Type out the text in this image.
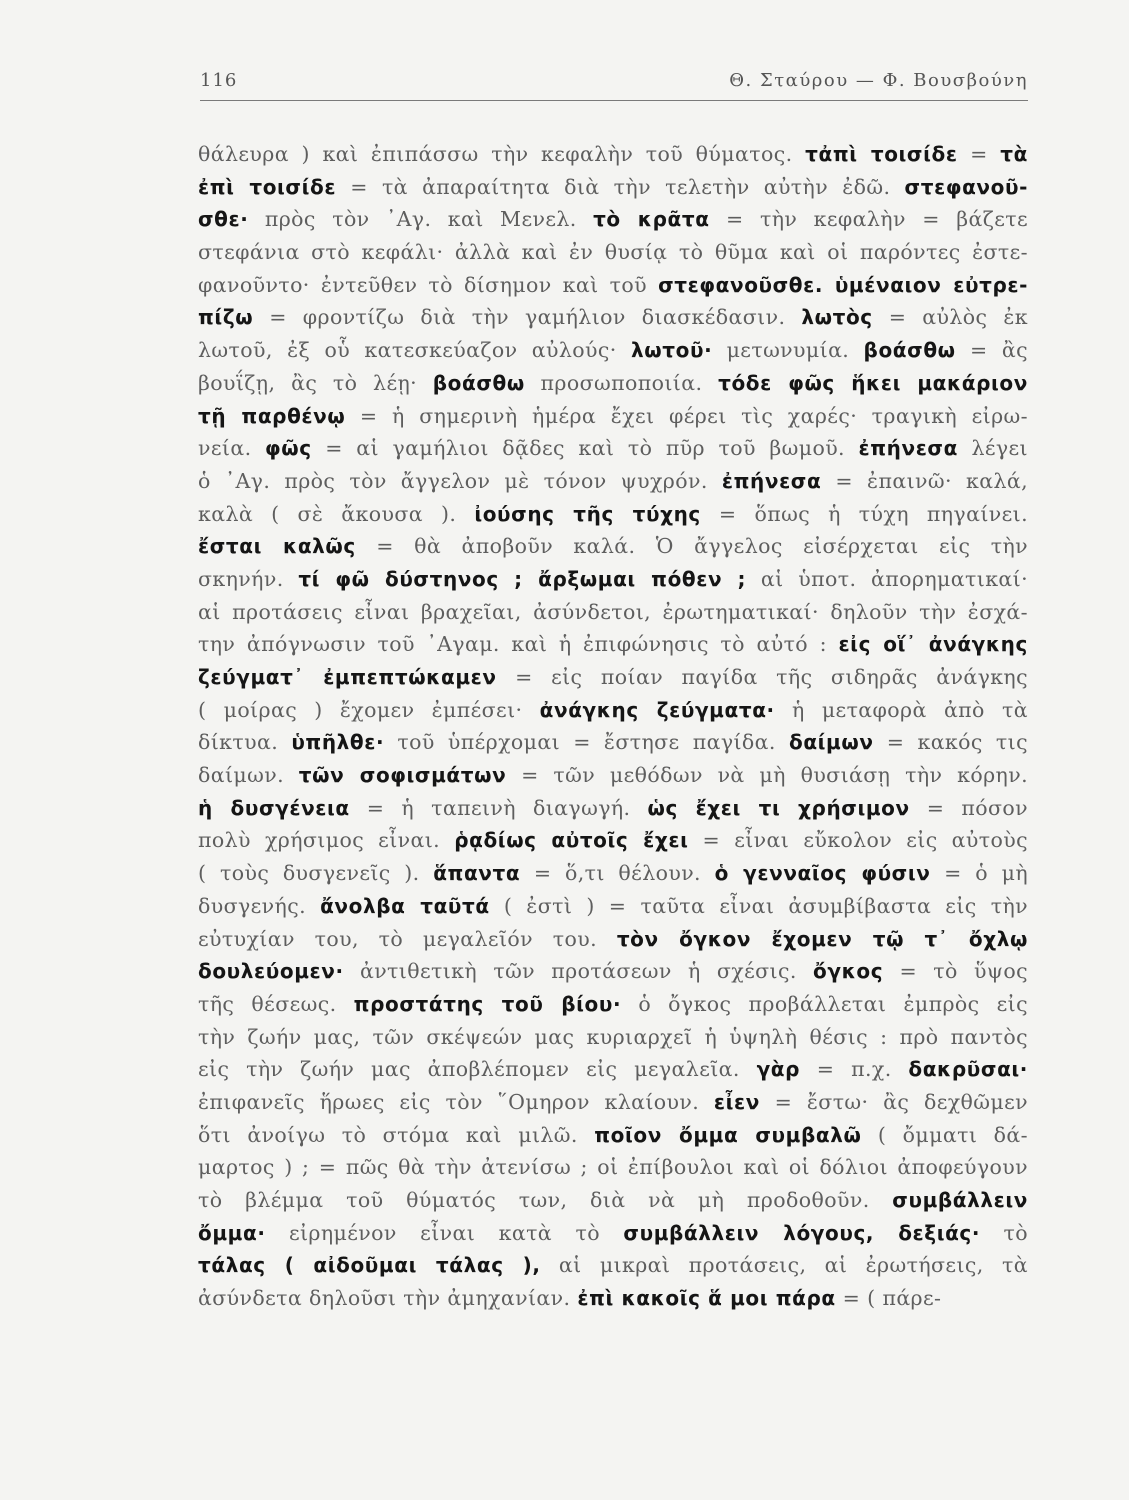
116	Θ. Σταύρου — Φ. Βουσβούνη
θάλευρα ) καὶ ἐπιπάσσω τὴν κεφαλὴν τοῦ θύματος. τἀπὶ τοισίδε = τὰ
ἐπὶ τοισίδε = τὰ ἀπαραίτητα διὰ τὴν τελετὴν αὐτὴν ἐδῶ. στεφανοῦ-
σθε· πρὸς τὸν ᾿Αγ. καὶ Μενελ. τὸ κρᾶτα = τὴν κεφαλὴν = βάζετε
στεφάνια στὸ κεφάλι· ἀλλὰ καὶ ἐν θυσίᾳ τὸ θῦμα καὶ οἱ παρόντες ἐστε-
φανοῦντο· ἐντεῦθεν τὸ δίσημον καὶ τοῦ στεφανοῦσθε. ὑμέναιον εὐτρε-
πίζω = φροντίζω διὰ τὴν γαμήλιον διασκέδασιν. λωτὸς = αὐλὸς ἐκ
λωτοῦ, ἐξ οὗ κατεσκεύαζον αὐλούς· λωτοῦ· μετωνυμία. βοάσθω = ἂς
βουΐζῃ, ἂς τὸ λέῃ· βοάσθω προσωποποιία. τόδε φῶς ἥκει μακάριον
τῇ παρθένῳ = ἡ σημερινὴ ἡμέρα ἔχει φέρει τὶς χαρές· τραγικὴ εἰρω-
νεία. φῶς = αἱ γαμήλιοι δᾷδες καὶ τὸ πῦρ τοῦ βωμοῦ. ἐπήνεσα λέγει
ὁ ᾿Αγ. πρὸς τὸν ἄγγελον μὲ τόνον ψυχρόν. ἐπήνεσα = ἐπαινῶ· καλά,
καλὰ ( σὲ ἄκουσα ). ἰούσης τῆς τύχης = ὅπως ἡ τύχη πηγαίνει.
ἔσται καλῶς = θὰ ἀποβοῦν καλά. Ὁ ἄγγελος εἰσέρχεται εἰς τὴν
σκηνήν. τί φῶ δύστηνος ; ἄρξωμαι πόθεν ; αἱ ὑποτ. ἀπορηματικαί·
αἱ προτάσεις εἶναι βραχεῖαι, ἀσύνδετοι, ἐρωτηματικαί· δηλοῦν τὴν ἐσχά-
την ἀπόγνωσιν τοῦ ᾿Αγαμ. καὶ ἡ ἐπιφώνησις τὸ αὐτό : εἰς οἵ᾿ ἀνάγκης
ζεύγματ᾿ ἐμπεπτώκαμεν = εἰς ποίαν παγίδα τῆς σιδηρᾶς ἀνάγκης
( μοίρας ) ἔχομεν ἐμπέσει· ἀνάγκης ζεύγματα· ἡ μεταφορὰ ἀπὸ τὰ
δίκτυα. ὑπῆλθε· τοῦ ὑπέρχομαι = ἔστησε παγίδα. δαίμων = κακός τις
δαίμων. τῶν σοφισμάτων = τῶν μεθόδων νὰ μὴ θυσιάσῃ τὴν κόρην.
ἡ δυσγένεια = ἡ ταπεινὴ διαγωγή. ὡς ἔχει τι χρήσιμον = πόσον
πολὺ χρήσιμος εἶναι. ῥᾳδίως αὐτοῖς ἔχει = εἶναι εὔκολον εἰς αὐτοὺς
( τοὺς δυσγενεῖς ). ἅπαντα = ὅ,τι θέλουν. ὁ γενναῖος φύσιν = ὁ μὴ
δυσγενής. ἄνολβα ταῦτά ( ἐστὶ ) = ταῦτα εἶναι ἀσυμβίβαστα εἰς τὴν
εὐτυχίαν του, τὸ μεγαλεῖόν του. τὸν ὄγκον ἔχομεν τῷ τ᾿ ὄχλῳ
δουλεύομεν· ἀντιθετικὴ τῶν προτάσεων ἡ σχέσις. ὄγκος = τὸ ὕψος
τῆς θέσεως. προστάτης τοῦ βίου· ὁ ὄγκος προβάλλεται ἐμπρὸς εἰς
τὴν ζωήν μας, τῶν σκέψεών μας κυριαρχεῖ ἡ ὑψηλὴ θέσις : πρὸ παντὸς
εἰς τὴν ζωήν μας ἀποβλέπομεν εἰς μεγαλεῖα. γὰρ = π.χ. δακρῦσαι·
ἐπιφανεῖς ἥρωες εἰς τὸν ῞Ομηρον κλαίουν. εἶεν = ἔστω· ἂς δεχθῶμεν
ὅτι ἀνοίγω τὸ στόμα καὶ μιλῶ. ποῖον ὄμμα συμβαλῶ ( ὄμματι δά-
μαρτος ) ; = πῶς θὰ τὴν ἀτενίσω ; οἱ ἐπίβουλοι καὶ οἱ δόλιοι ἀποφεύγουν
τὸ βλέμμα τοῦ θύματός των, διὰ νὰ μὴ προδοθοῦν. συμβάλλειν
ὄμμα· εἰρημένον εἶναι κατὰ τὸ συμβάλλειν λόγους, δεξιάς· τὸ
τάλας ( αἰδοῦμαι τάλας ), αἱ μικραὶ προτάσεις, αἱ ἐρωτήσεις, τὰ
ἀσύνδετα δηλοῦσι τὴν ἀμηχανίαν. ἐπὶ κακοῖς ἅ μοι πάρα = ( πάρε-
